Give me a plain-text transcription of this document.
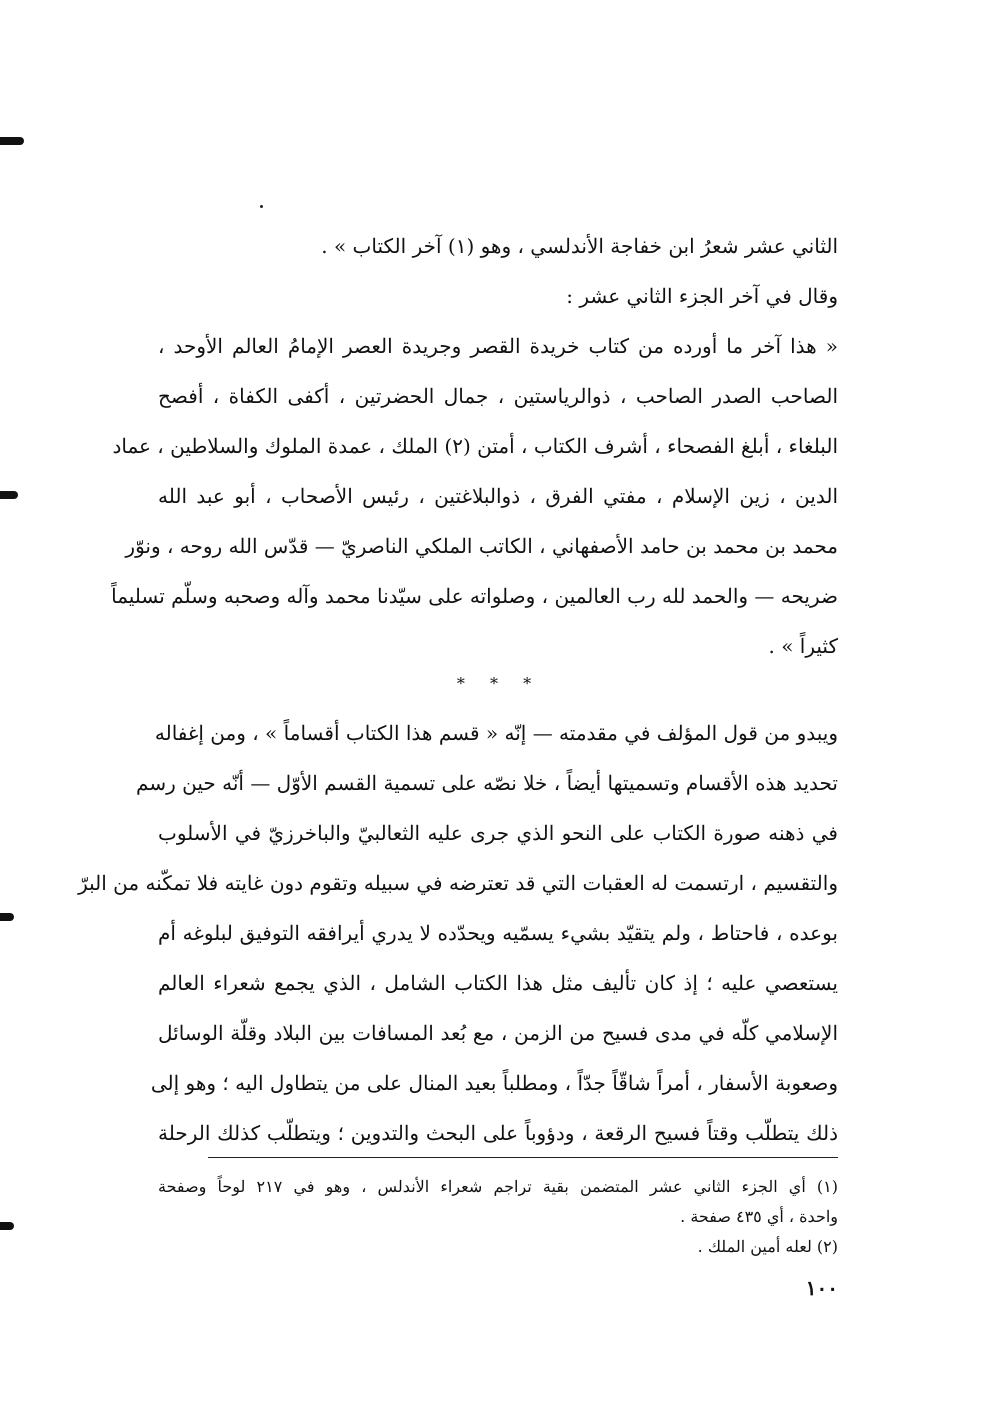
الثاني عشر شعرُ ابن خفاجة الأندلسي ، وهو (١) آخر الكتاب » .
وقال في آخر الجزء الثاني عشر :
« هذا آخر ما أورده من كتاب خريدة القصر وجريدة العصر الإمامُ العالم الأوحد ،
الصاحب الصدر الصاحب ، ذوالرياستين ، جمال الحضرتين ، أكفى الكفاة ، أفصح
البلغاء ، أبلغ الفصحاء ، أشرف الكتاب ، أمتن (٢) الملك ، عمدة الملوك والسلاطين ، عماد
الدين ، زين الإسلام ، مفتي الفرق ، ذوالبلاغتين ، رئيس الأصحاب ، أبو عبد الله
محمد بن محمد بن حامد الأصفهاني ، الكاتب الملكي الناصريّ — قدّس الله روحه ، ونوّر
ضريحه — والحمد لله رب العالمين ، وصلواته على سيّدنا محمد وآله وصحبه وسلّم تسليماً
كثيراً » .
* * *
ويبدو من قول المؤلف في مقدمته — إنّه « قسم هذا الكتاب أقساماً » ، ومن إغفاله
تحديد هذه الأقسام وتسميتها أيضاً ، خلا نصّه على تسمية القسم الأوّل — أنّه حين رسم
في ذهنه صورة الكتاب على النحو الذي جرى عليه الثعالبيّ والباخرزيّ في الأسلوب
والتقسيم ، ارتسمت له العقبات التي قد تعترضه في سبيله وتقوم دون غايته فلا تمكّنه من البرّ
بوعده ، فاحتاط ، ولم يتقيّد بشيء يسمّيه ويحدّده لا يدري أيرافقه التوفيق لبلوغه أم
يستعصي عليه ؛ إذ كان تأليف مثل هذا الكتاب الشامل ، الذي يجمع شعراء العالم
الإسلامي كلّه في مدى فسيح من الزمن ، مع بُعد المسافات بين البلاد وقلّة الوسائل
وصعوبة الأسفار ، أمراً شاقّاً جدّاً ، ومطلباً بعيد المنال على من يتطاول اليه ؛ وهو إلى
ذلك يتطلّب وقتاً فسيح الرقعة ، ودؤوباً على البحث والتدوين ؛ ويتطلّب كذلك الرحلة
(١) أي الجزء الثاني عشر المتضمن بقية تراجم شعراء الأندلس ، وهو في ٢١٧ لوحاً وصفحة
واحدة ، أي ٤٣٥ صفحة .
(٢) لعله أمين الملك .
١٠٠
